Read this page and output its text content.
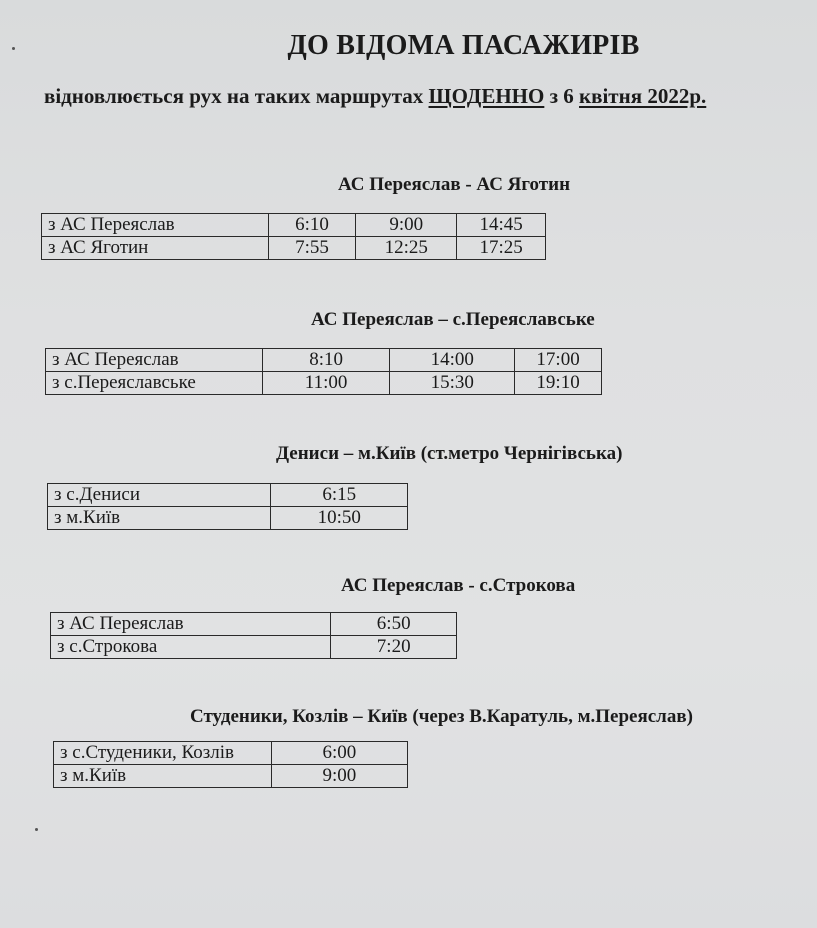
ДО ВІДОМА ПАСАЖИРІВ
відновлюється рух на таких маршрутах ЩОДЕННО з 6 квітня 2022р.
АС Переяслав - АС Яготин
з АС Переяслав	6:10	9:00	14:45
з АС Яготин	7:55	12:25	17:25
АС Переяслав – с.Переяславське
з АС Переяслав	8:10	14:00	17:00
з с.Переяславське	11:00	15:30	19:10
Дениси – м.Київ (ст.метро Чернігівська)
з с.Дениси	6:15
з м.Київ	10:50
АС Переяслав - с.Строкова
з АС Переяслав	6:50
з с.Строкова	7:20
Студеники, Козлів – Київ (через В.Каратуль, м.Переяслав)
з с.Студеники, Козлів	6:00
з м.Київ	9:00
